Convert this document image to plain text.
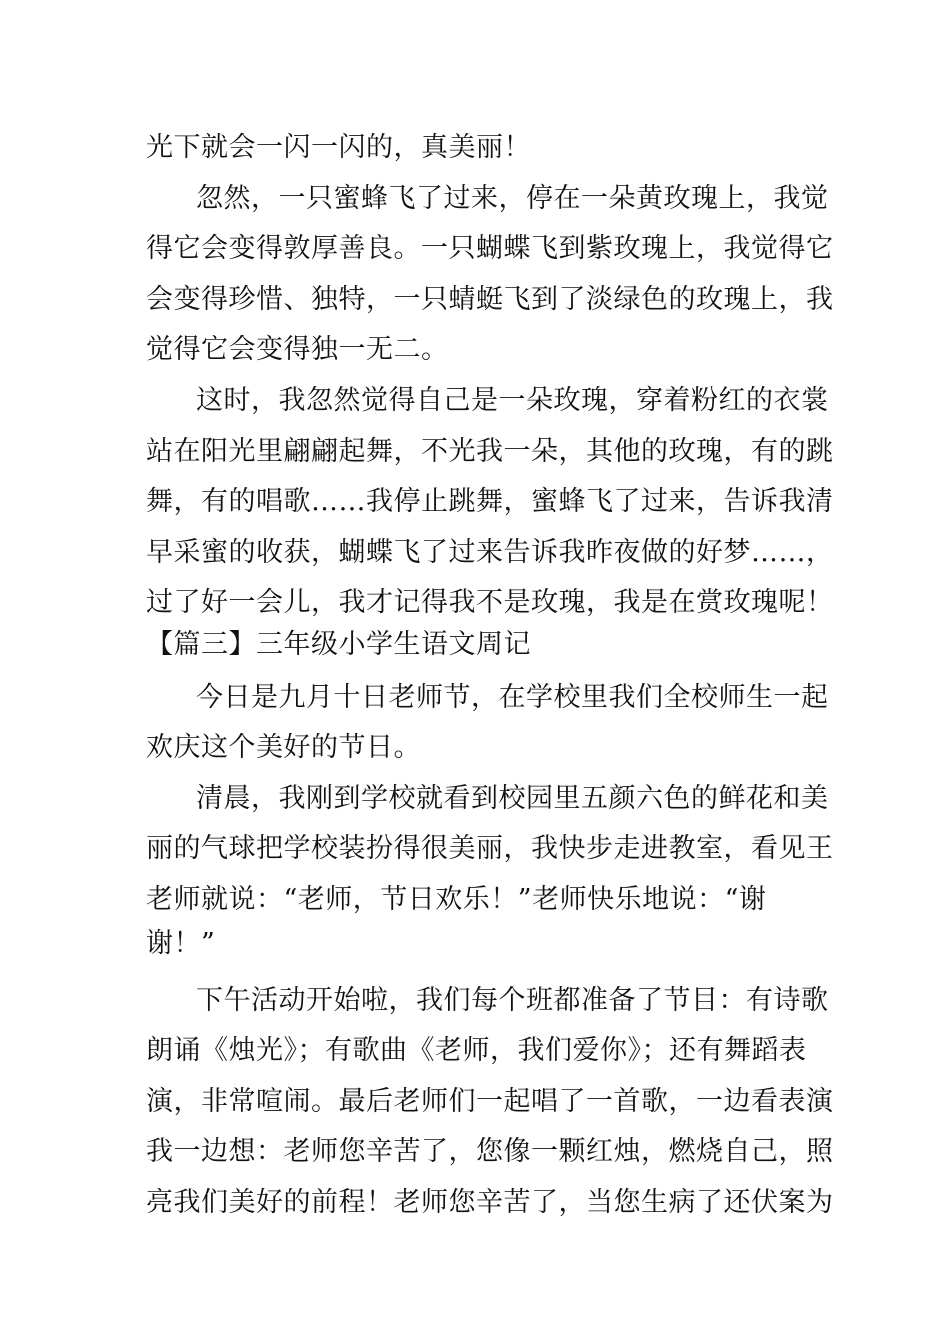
光下就会一闪一闪的，真美丽！
忽然，一只蜜蜂飞了过来，停在一朵黄玫瑰上，我觉
得它会变得敦厚善良。一只蝴蝶飞到紫玫瑰上，我觉得它
会变得珍惜、独特，一只蜻蜓飞到了淡绿色的玫瑰上，我
觉得它会变得独一无二。
这时，我忽然觉得自己是一朵玫瑰，穿着粉红的衣裳
站在阳光里翩翩起舞，不光我一朵，其他的玫瑰，有的跳
舞，有的唱歌……我停止跳舞，蜜蜂飞了过来，告诉我清
早采蜜的收获，蝴蝶飞了过来告诉我昨夜做的好梦……，
过了好一会儿，我才记得我不是玫瑰，我是在赏玫瑰呢！
【篇三】三年级小学生语文周记
今日是九月十日老师节，在学校里我们全校师生一起
欢庆这个美好的节日。
清晨，我刚到学校就看到校园里五颜六色的鲜花和美
丽的气球把学校装扮得很美丽，我快步走进教室，看见王
老师就说：“老师，节日欢乐！”老师快乐地说：“谢
谢！”
下午活动开始啦，我们每个班都准备了节目：有诗歌
朗诵《烛光》；有歌曲《老师，我们爱你》；还有舞蹈表
演，非常喧闹。最后老师们一起唱了一首歌，一边看表演
我一边想：老师您辛苦了，您像一颗红烛，燃烧自己，照
亮我们美好的前程！老师您辛苦了，当您生病了还伏案为
